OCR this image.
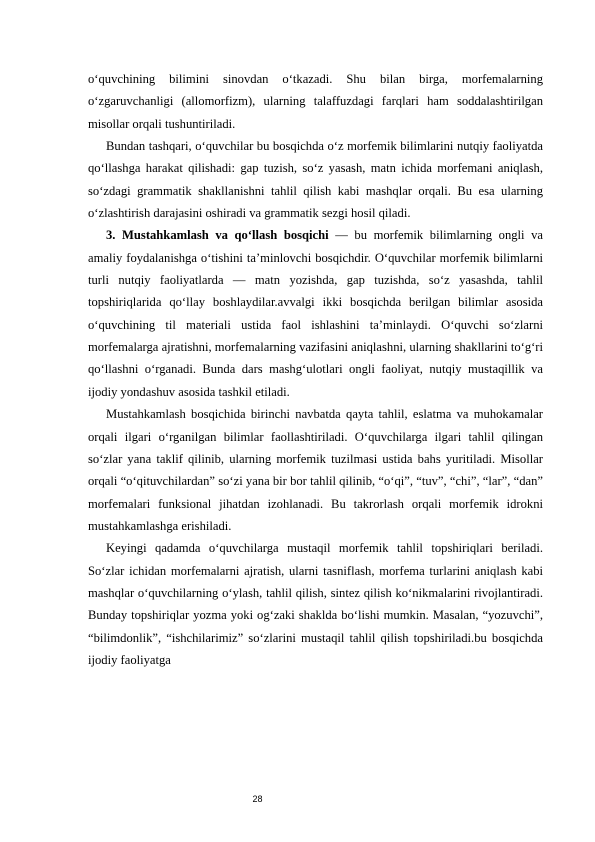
o‘quvchining bilimini sinovdan o‘tkazadi. Shu bilan birga, morfemalarning o‘zgaruvchanligi (allomorfizm), ularning talaffuzdagi farqlari ham soddalashtirilgan misollar orqali tushuntiriladi.

Bundan tashqari, o‘quvchilar bu bosqichda o‘z morfemik bilimlarini nutqiy faoliyatda qo‘llashga harakat qilishadi: gap tuzish, so‘z yasash, matn ichida morfemani aniqlash, so‘zdagi grammatik shakllanishni tahlil qilish kabi mashqlar orqali. Bu esa ularning o‘zlashtirish darajasini oshiradi va grammatik sezgi hosil qiladi.

3. Mustahkamlash va qo‘llash bosqichi — bu morfemik bilimlarning ongli va amaliy foydalanishga o‘tishini ta’minlovchi bosqichdir. O‘quvchilar morfemik bilimlarni turli nutqiy faoliyatlarda — matn yozishda, gap tuzishda, so‘z yasashda, tahlil topshiriqlarida qo‘llay boshlaydilar.avvalgi ikki bosqichda berilgan bilimlar asosida o‘quvchining til materiali ustida faol ishlashini ta’minlaydi. O‘quvchi so‘zlarni morfemalarga ajratishni, morfemalarning vazifasini aniqlashni, ularning shakllarini to‘g‘ri qo‘llashni o‘rganadi. Bunda dars mashg‘ulotlari ongli faoliyat, nutqiy mustaqillik va ijodiy yondashuv asosida tashkil etiladi.

Mustahkamlash bosqichida birinchi navbatda qayta tahlil, eslatma va muhokamalar orqali ilgari o‘rganilgan bilimlar faollashtiriladi. O‘quvchilarga ilgari tahlil qilingan so‘zlar yana taklif qilinib, ularning morfemik tuzilmasi ustida bahs yuritiladi. Misollar orqali “o‘qituvchilardan” so‘zi yana bir bor tahlil qilinib, “o‘qi”, “tuv”, “chi”, “lar”, “dan” morfemalari funksional jihatdan izohlanadi. Bu takrorlash orqali morfemik idrokni mustahkamlashga erishiladi.

Keyingi qadamda o‘quvchilarga mustaqil morfemik tahlil topshiriqlari beriladi. So‘zlar ichidan morfemalarni ajratish, ularni tasniflash, morfema turlarini aniqlash kabi mashqlar o‘quvchilarning o‘ylash, tahlil qilish, sintez qilish ko‘nikmalarini rivojlantiradi. Bunday topshiriqlar yozma yoki og‘zaki shaklda bo‘lishi mumkin. Masalan, “yozuvchi”, “bilimdonlik”, “ishchilarimiz” so‘zlarini mustaqil tahlil qilish topshiriladi.bu bosqichda ijodiy faoliyatga

28
